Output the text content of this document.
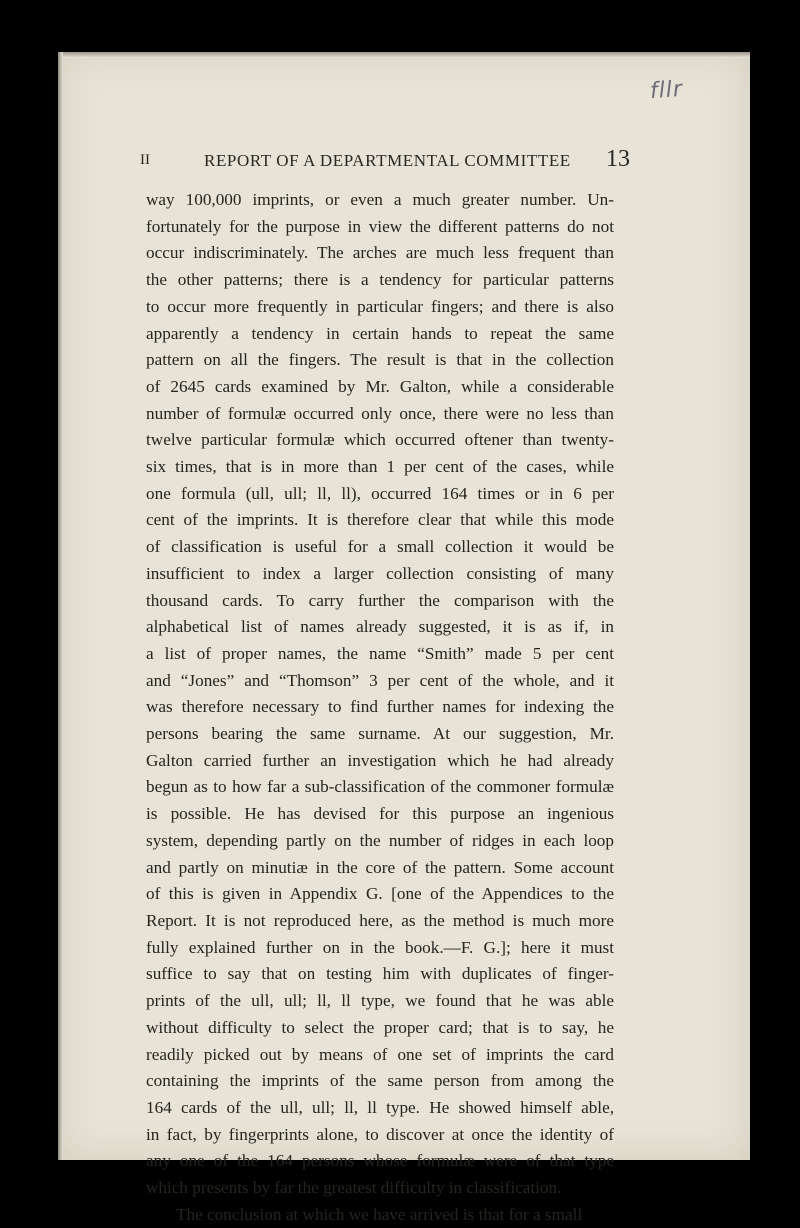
fllr
II	REPORT OF A DEPARTMENTAL COMMITTEE 13
way 100,000 imprints, or even a much greater number. Un-
fortunately for the purpose in view the different patterns do not
occur indiscriminately. The arches are much less frequent than
the other patterns; there is a tendency for particular patterns
to occur more frequently in particular fingers; and there is also
apparently a tendency in certain hands to repeat the same
pattern on all the fingers. The result is that in the collection
of 2645 cards examined by Mr. Galton, while a considerable
number of formulæ occurred only once, there were no less than
twelve particular formulæ which occurred oftener than twenty-
six times, that is in more than 1 per cent of the cases, while
one formula (ull, ull; ll, ll), occurred 164 times or in 6 per
cent of the imprints. It is therefore clear that while this mode
of classification is useful for a small collection it would be
insufficient to index a larger collection consisting of many
thousand cards. To carry further the comparison with the
alphabetical list of names already suggested, it is as if, in
a list of proper names, the name “Smith” made 5 per cent
and “Jones” and “Thomson” 3 per cent of the whole, and it
was therefore necessary to find further names for indexing the
persons bearing the same surname. At our suggestion, Mr.
Galton carried further an investigation which he had already
begun as to how far a sub-classification of the commoner formulæ
is possible. He has devised for this purpose an ingenious
system, depending partly on the number of ridges in each loop
and partly on minutiæ in the core of the pattern. Some account
of this is given in Appendix G. [one of the Appendices to the
Report. It is not reproduced here, as the method is much more
fully explained further on in the book.—F. G.]; here it must
suffice to say that on testing him with duplicates of finger-
prints of the ull, ull; ll, ll type, we found that he was able
without difficulty to select the proper card; that is to say, he
readily picked out by means of one set of imprints the card
containing the imprints of the same person from among the
164 cards of the ull, ull; ll, ll type. He showed himself able,
in fact, by fingerprints alone, to discover at once the identity of
any one of the 164 persons whose formulæ were of that type
which presents by far the greatest difficulty in classification.
The conclusion at which we have arrived is that for a small
